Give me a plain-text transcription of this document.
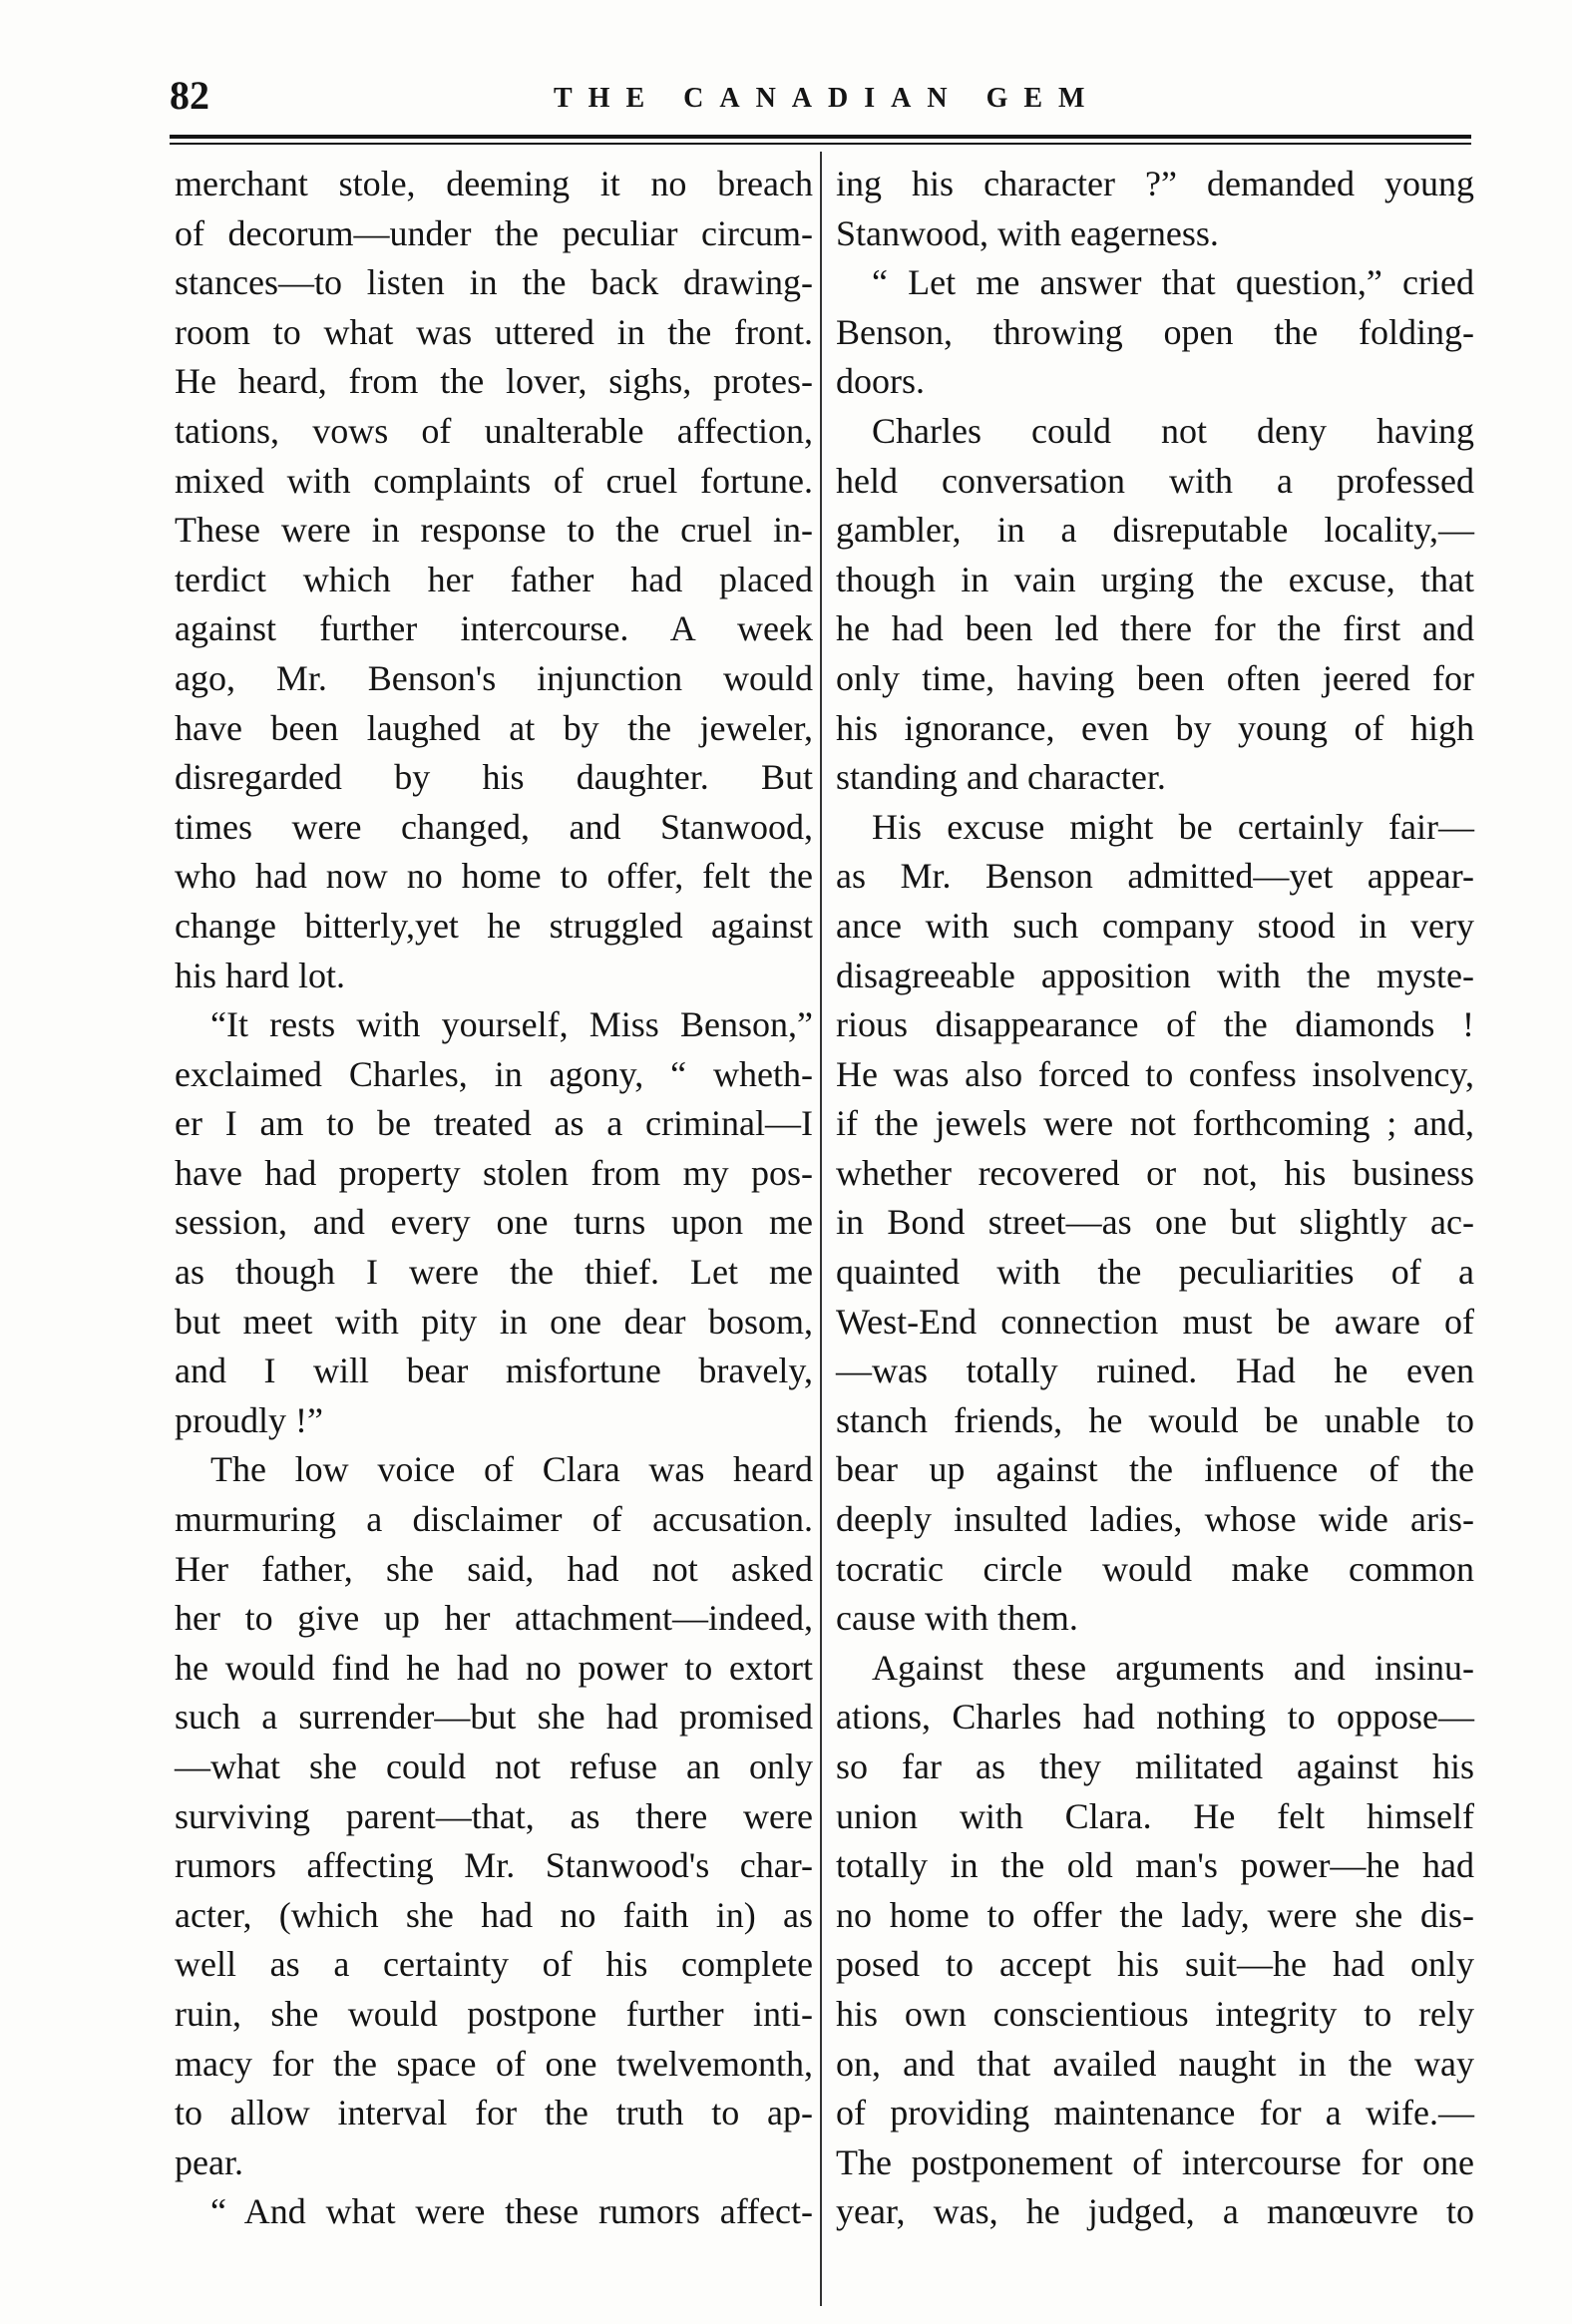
82	THE CANADIAN GEM
merchant stole, deeming it no breach
of decorum—under the peculiar circum-
stances—to listen in the back drawing-
room to what was uttered in the front.
He heard, from the lover, sighs, protes-
tations, vows of unalterable affection,
mixed with complaints of cruel fortune.
These were in response to the cruel in-
terdict which her father had placed
against further intercourse. A week
ago, Mr. Benson's injunction would
have been laughed at by the jeweler,
disregarded by his daughter. But
times were changed, and Stanwood,
who had now no home to offer, felt the
change bitterly,yet he struggled against
his hard lot.
“It rests with yourself, Miss Benson,”
exclaimed Charles, in agony, “ wheth-
er I am to be treated as a criminal—I
have had property stolen from my pos-
session, and every one turns upon me
as though I were the thief. Let me
but meet with pity in one dear bosom,
and I will bear misfortune bravely,
proudly !”
The low voice of Clara was heard
murmuring a disclaimer of accusation.
Her father, she said, had not asked
her to give up her attachment—indeed,
he would find he had no power to extort
such a surrender—but she had promised
—what she could not refuse an only
surviving parent—that, as there were
rumors affecting Mr. Stanwood's char-
acter, (which she had no faith in) as
well as a certainty of his complete
ruin, she would postpone further inti-
macy for the space of one twelvemonth,
to allow interval for the truth to ap-
pear.
“ And what were these rumors affect-
ing his character ?” demanded young
Stanwood, with eagerness.
“ Let me answer that question,” cried
Benson, throwing open the folding-
doors.
Charles could not deny having
held conversation with a professed
gambler, in a disreputable locality,—
though in vain urging the excuse, that
he had been led there for the first and
only time, having been often jeered for
his ignorance, even by young of high
standing and character.
His excuse might be certainly fair—
as Mr. Benson admitted—yet appear-
ance with such company stood in very
disagreeable apposition with the myste-
rious disappearance of the diamonds !
He was also forced to confess insolvency,
if the jewels were not forthcoming ; and,
whether recovered or not, his business
in Bond street—as one but slightly ac-
quainted with the peculiarities of a
West-End connection must be aware of
—was totally ruined. Had he even
stanch friends, he would be unable to
bear up against the influence of the
deeply insulted ladies, whose wide aris-
tocratic circle would make common
cause with them.
Against these arguments and insinu-
ations, Charles had nothing to oppose—
so far as they militated against his
union with Clara. He felt himself
totally in the old man's power—he had
no home to offer the lady, were she dis-
posed to accept his suit—he had only
his own conscientious integrity to rely
on, and that availed naught in the way
of providing maintenance for a wife.—
The postponement of intercourse for one
year, was, he judged, a manœuvre to
